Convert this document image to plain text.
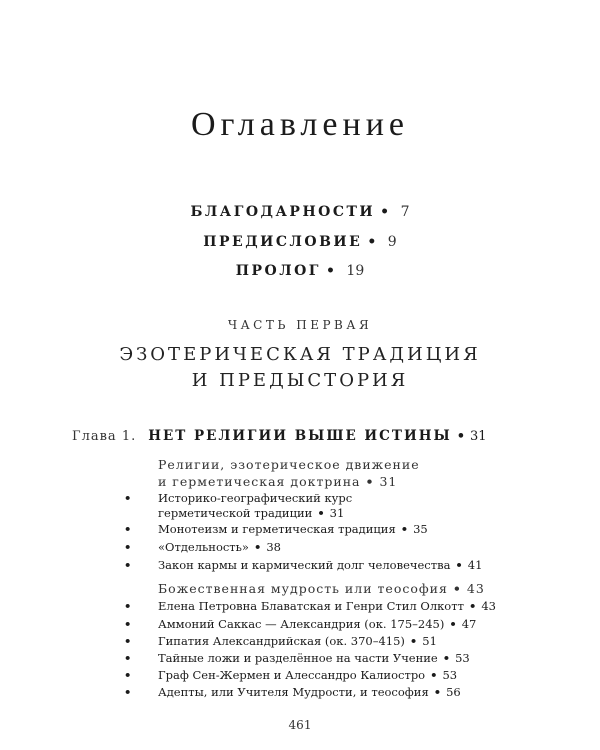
Оглавление
БЛАГОДАРНОСТИ • 7
ПРЕДИСЛОВИЕ • 9
ПРОЛОГ • 19
ЧАСТЬ ПЕРВАЯ
ЭЗОТЕРИЧЕСКАЯ ТРАДИЦИЯ
И ПРЕДЫСТОРИЯ
Глава 1. НЕТ РЕЛИГИИ ВЫШЕ ИСТИНЫ • 31
Религии, эзотерическое движение
и герметическая доктрина • 31
• Историко-географический курс
герметической традиции • 31
• Монотеизм и герметическая традиция • 35
• «Отдельность» • 38
• Закон кармы и кармический долг человечества • 41
Божественная мудрость или теософия • 43
• Елена Петровна Блаватская и Генри Стил Олкотт • 43
• Аммоний Саккас — Александрия (ок. 175–245) • 47
• Гипатия Александрийская (ок. 370–415) • 51
• Тайные ложи и разделённое на части Учение • 53
• Граф Сен-Жермен и Алессандро Калиостро • 53
• Адепты, или Учителя Мудрости, и теософия • 56
461
